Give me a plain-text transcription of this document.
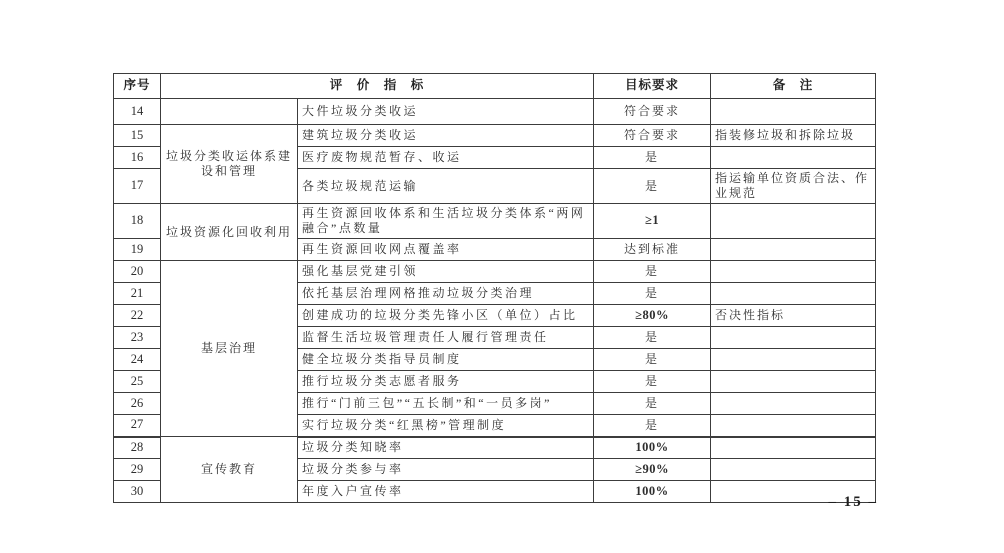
序号	评　价　指　标		目标要求	备　注
14		大件垃圾分类收运	符合要求	
15	垃圾分类收运体系建设和管理	建筑垃圾分类收运	符合要求	指装修垃圾和拆除垃圾
16		医疗废物规范暂存、收运	是	
17		各类垃圾规范运输	是	指运输单位资质合法、作业规范
18	垃圾资源化回收利用	再生资源回收体系和生活垃圾分类体系“两网融合”点数量	≥1	
19		再生资源回收网点覆盖率	达到标准	
20	基层治理	强化基层党建引领	是	
21		依托基层治理网格推动垃圾分类治理	是	
22		创建成功的垃圾分类先锋小区（单位）占比	≥80%	否决性指标
23		监督生活垃圾管理责任人履行管理责任	是	
24		健全垃圾分类指导员制度	是	
25		推行垃圾分类志愿者服务	是	
26		推行“门前三包”“五长制”和“一员多岗”	是	
27		实行垃圾分类“红黑榜”管理制度	是	
28	宣传教育	垃圾分类知晓率	100%	
29		垃圾分类参与率	≥90%	
30		年度入户宣传率	100%	
– 15 –
